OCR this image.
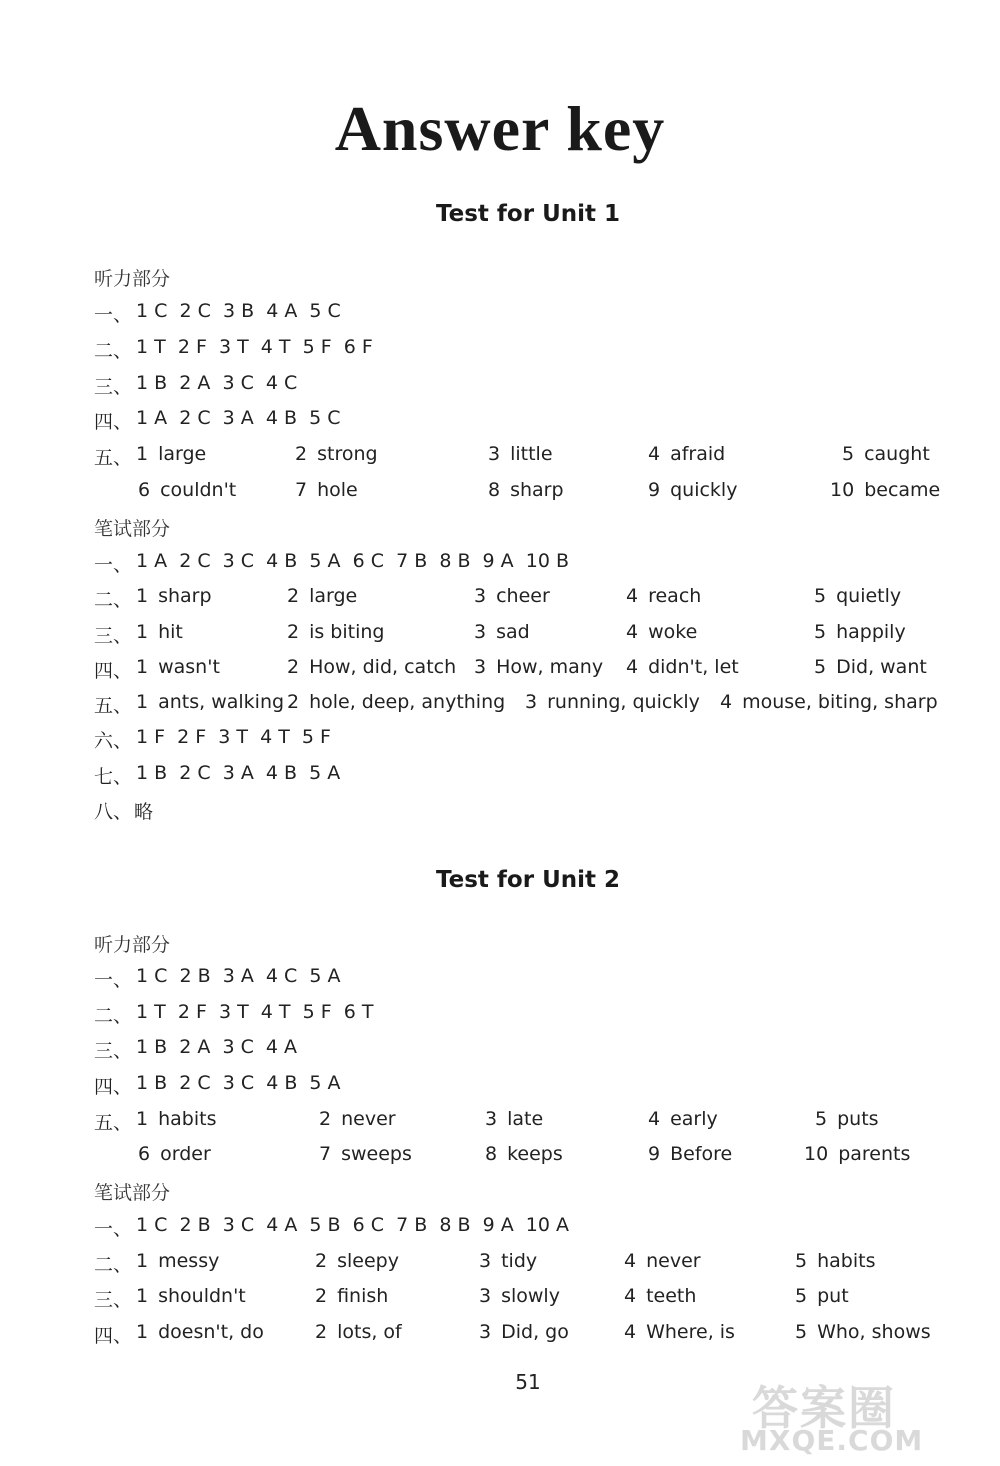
Answer key
Test for Unit 1
听力部分
一、 1 C  2 C  3 B  4 A  5 C
二、 1 T  2 F  3 T  4 T  5 F  6 F
三、 1 B  2 A  3 C  4 C
四、 1 A  2 C  3 A  4 B  5 C
五、 1 large	2 strong	3 little	4 afraid	5 caught
6 couldn't	7 hole	8 sharp	9 quickly	10 became
笔试部分
一、 1 A  2 C  3 C  4 B  5 A  6 C  7 B  8 B  9 A  10 B
二、 1 sharp	2 large	3 cheer	4 reach	5 quietly
三、 1 hit	2 is biting	3 sad	4 woke	5 happily
四、 1 wasn't	2 How, did, catch 3 How, many 4 didn't, let	5 Did, want
五、 1 ants, walking 2 hole, deep, anything 3 running, quickly 4 mouse, biting, sharp
六、 1 F  2 F  3 T  4 T  5 F
七、 1 B  2 C  3 A  4 B  5 A
八、 略
Test for Unit 2
听力部分
一、 1 C  2 B  3 A  4 C  5 A
二、 1 T  2 F  3 T  4 T  5 F  6 T
三、 1 B  2 A  3 C  4 A
四、 1 B  2 C  3 C  4 B  5 A
五、 1 habits	2 never	3 late	4 early	5 puts
6 order	7 sweeps	8 keeps	9 Before	10 parents
笔试部分
一、 1 C  2 B  3 C  4 A  5 B  6 C  7 B  8 B  9 A  10 A
二、 1 messy	2 sleepy	3 tidy	4 never	5 habits
三、 1 shouldn't	2 finish	3 slowly	4 teeth	5 put
四、 1 doesn't, do	2 lots, of	3 Did, go	4 Where, is	5 Who, shows
51	答案圈
MXQE.COM
